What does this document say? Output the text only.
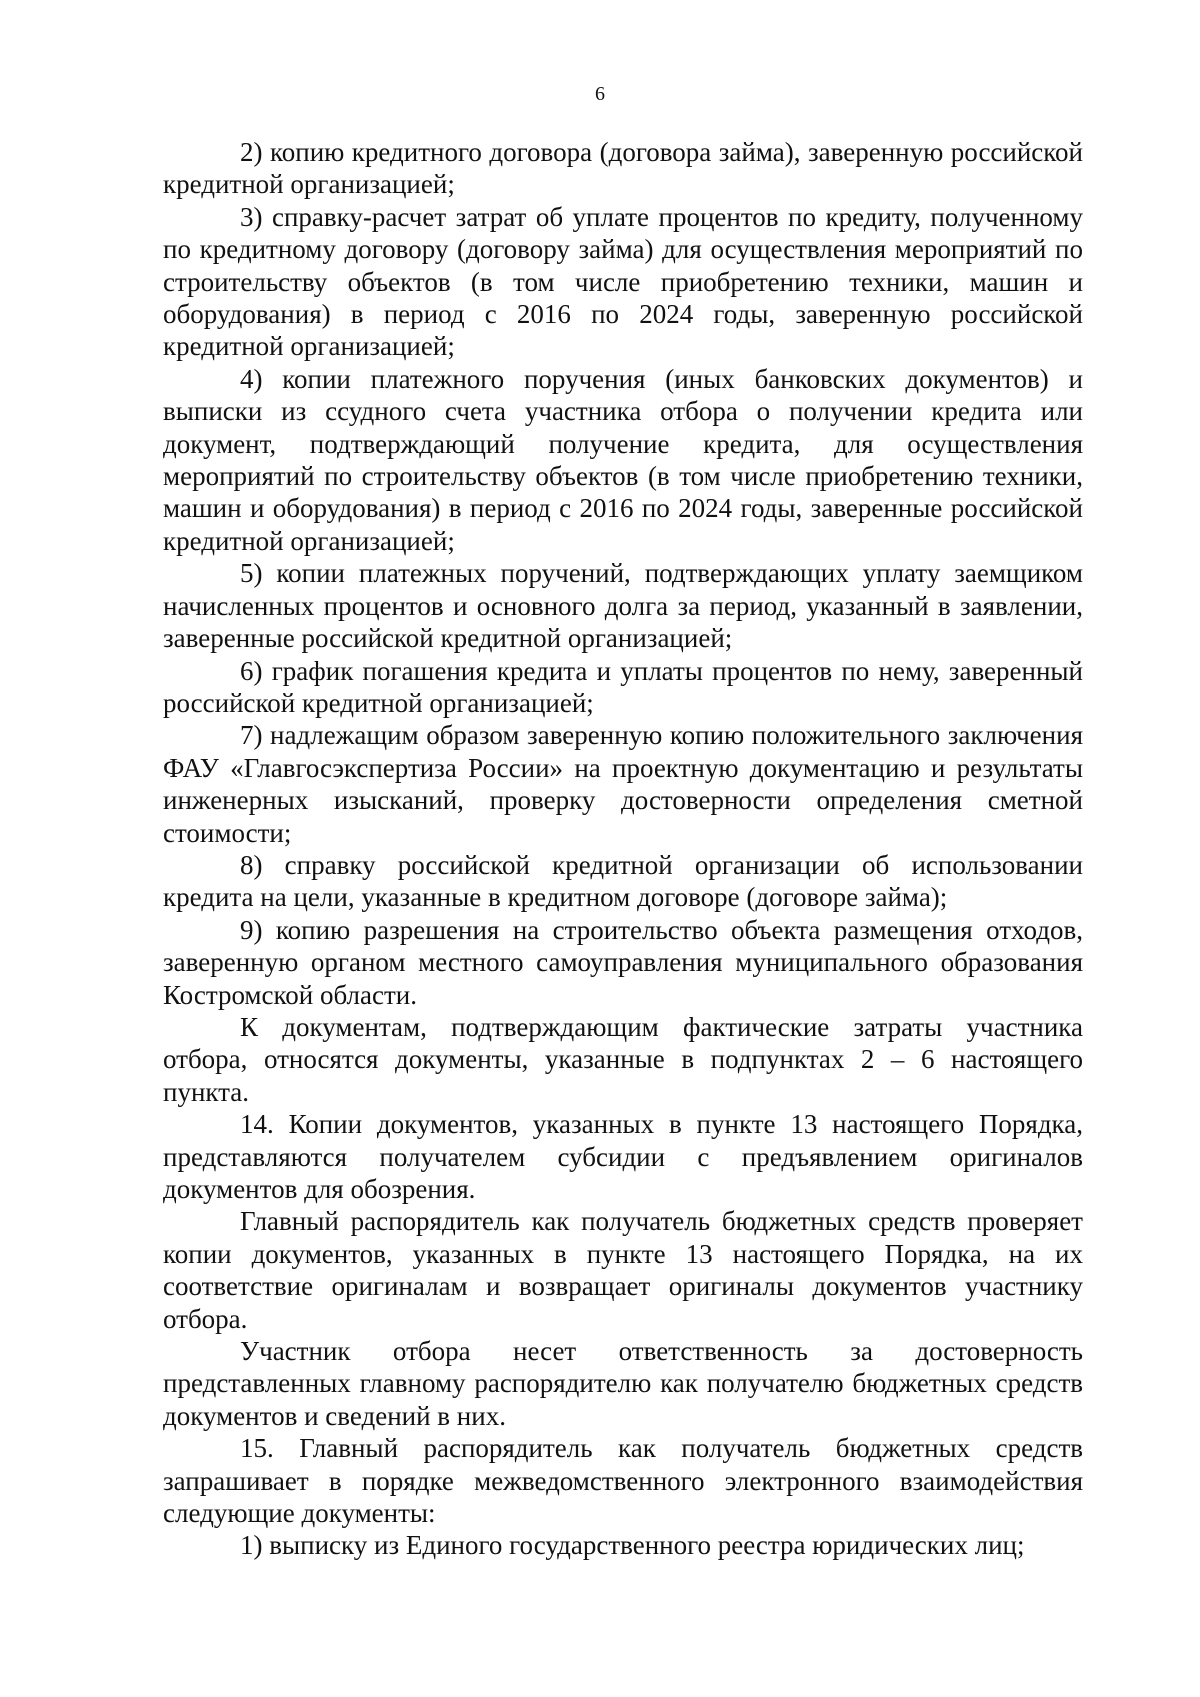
6

2) копию кредитного договора (договора займа), заверенную российской кредитной организацией;

3) справку-расчет затрат об уплате процентов по кредиту, полученному по кредитному договору (договору займа) для осуществления мероприятий по строительству объектов (в том числе приобретению техники, машин и оборудования) в период с 2016 по 2024 годы, заверенную российской кредитной организацией;

4) копии платежного поручения (иных банковских документов) и выписки из ссудного счета участника отбора о получении кредита или документ, подтверждающий получение кредита, для осуществления мероприятий по строительству объектов (в том числе приобретению техники, машин и оборудования) в период с 2016 по 2024 годы, заверенные российской кредитной организацией;

5) копии платежных поручений, подтверждающих уплату заемщиком начисленных процентов и основного долга за период, указанный в заявлении, заверенные российской кредитной организацией;

6) график погашения кредита и уплаты процентов по нему, заверенный российской кредитной организацией;

7) надлежащим образом заверенную копию положительного заключения ФАУ «Главгосэкспертиза России» на проектную документацию и результаты инженерных изысканий, проверку достоверности определения сметной стоимости;

8) справку российской кредитной организации об использовании кредита на цели, указанные в кредитном договоре (договоре займа);

9) копию разрешения на строительство объекта размещения отходов, заверенную органом местного самоуправления муниципального образования Костромской области.

К документам, подтверждающим фактические затраты участника отбора, относятся документы, указанные в подпунктах 2 – 6 настоящего пункта.

14. Копии документов, указанных в пункте 13 настоящего Порядка, представляются получателем субсидии с предъявлением оригиналов документов для обозрения.

Главный распорядитель как получатель бюджетных средств проверяет копии документов, указанных в пункте 13 настоящего Порядка, на их соответствие оригиналам и возвращает оригиналы документов участнику отбора.

Участник отбора несет ответственность за достоверность представленных главному распорядителю как получателю бюджетных средств документов и сведений в них.

15. Главный распорядитель как получатель бюджетных средств запрашивает в порядке межведомственного электронного взаимодействия следующие документы:

1) выписку из Единого государственного реестра юридических лиц;
